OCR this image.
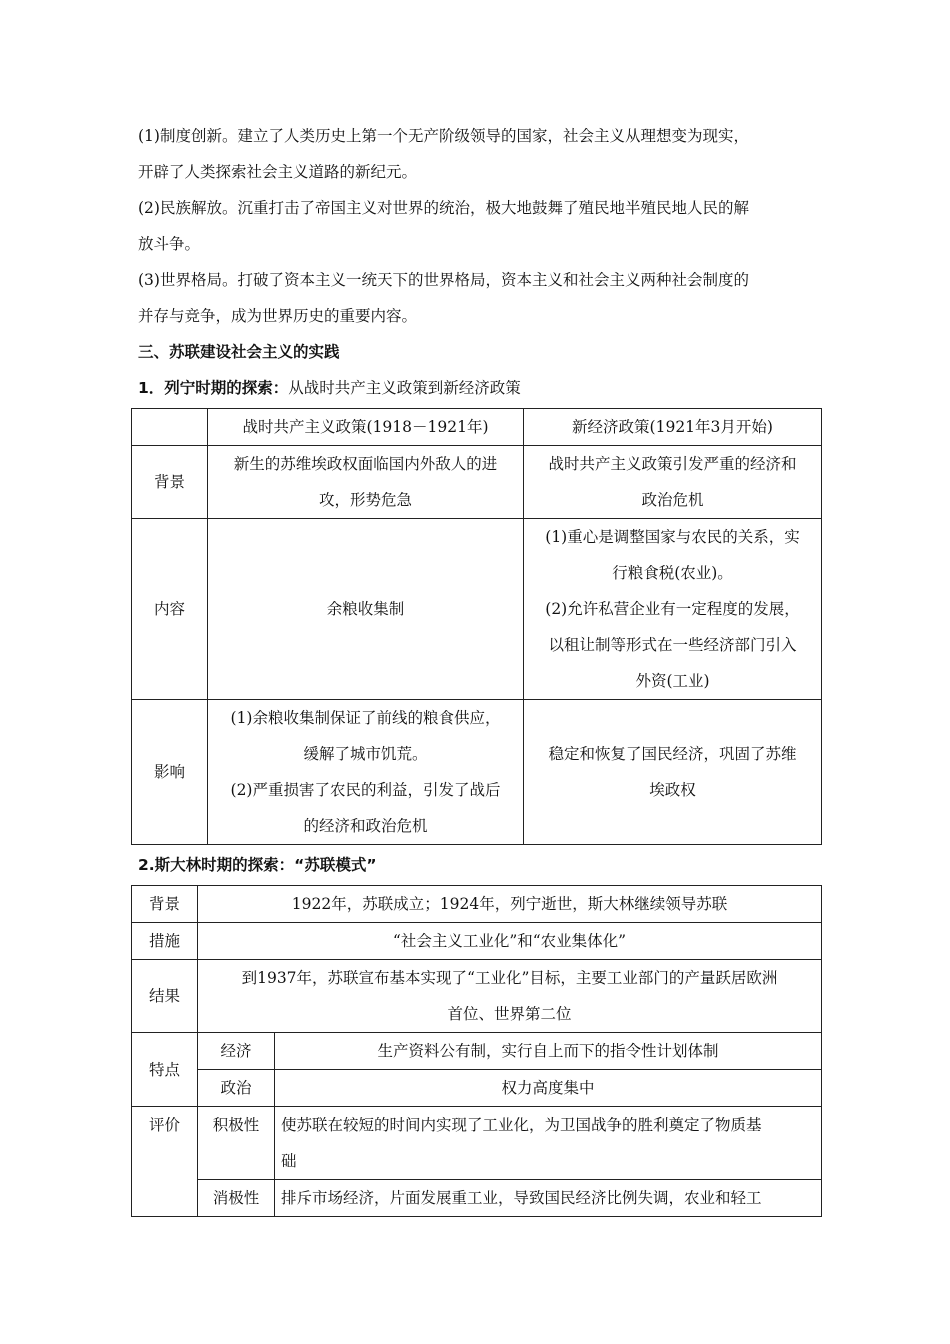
(1)制度创新。建立了人类历史上第一个无产阶级领导的国家，社会主义从理想变为现实，
开辟了人类探索社会主义道路的新纪元。

(2)民族解放。沉重打击了帝国主义对世界的统治，极大地鼓舞了殖民地半殖民地人民的解
放斗争。

(3)世界格局。打破了资本主义一统天下的世界格局，资本主义和社会主义两种社会制度的
并存与竞争，成为世界历史的重要内容。

三、苏联建设社会主义的实践

1．列宁时期的探索：从战时共产主义政策到新经济政策

	战时共产主义政策(1918－1921年)	新经济政策(1921年3月开始)
背景	新生的苏维埃政权面临国内外敌人的进
攻，形势危急	战时共产主义政策引发严重的经济和
政治危机
内容	余粮收集制	(1)重心是调整国家与农民的关系，实
行粮食税(农业)。
(2)允许私营企业有一定程度的发展，
以租让制等形式在一些经济部门引入
外资(工业)
影响	(1)余粮收集制保证了前线的粮食供应，
缓解了城市饥荒。
(2)严重损害了农民的利益，引发了战后
的经济和政治危机	稳定和恢复了国民经济，巩固了苏维
埃政权

2.斯大林时期的探索：“苏联模式”

背景	1922年，苏联成立；1924年，列宁逝世，斯大林继续领导苏联	
措施	“社会主义工业化”和“农业集体化”	
结果	到1937年，苏联宣布基本实现了“工业化”目标，主要工业部门的产量跃居欧洲
首位、世界第二位	
特点	经济	生产资料公有制，实行自上而下的指令性计划体制
	政治	权力高度集中
评价	积极性	使苏联在较短的时间内实现了工业化，为卫国战争的胜利奠定了物质基
础
	消极性	排斥市场经济，片面发展重工业，导致国民经济比例失调，农业和轻工
